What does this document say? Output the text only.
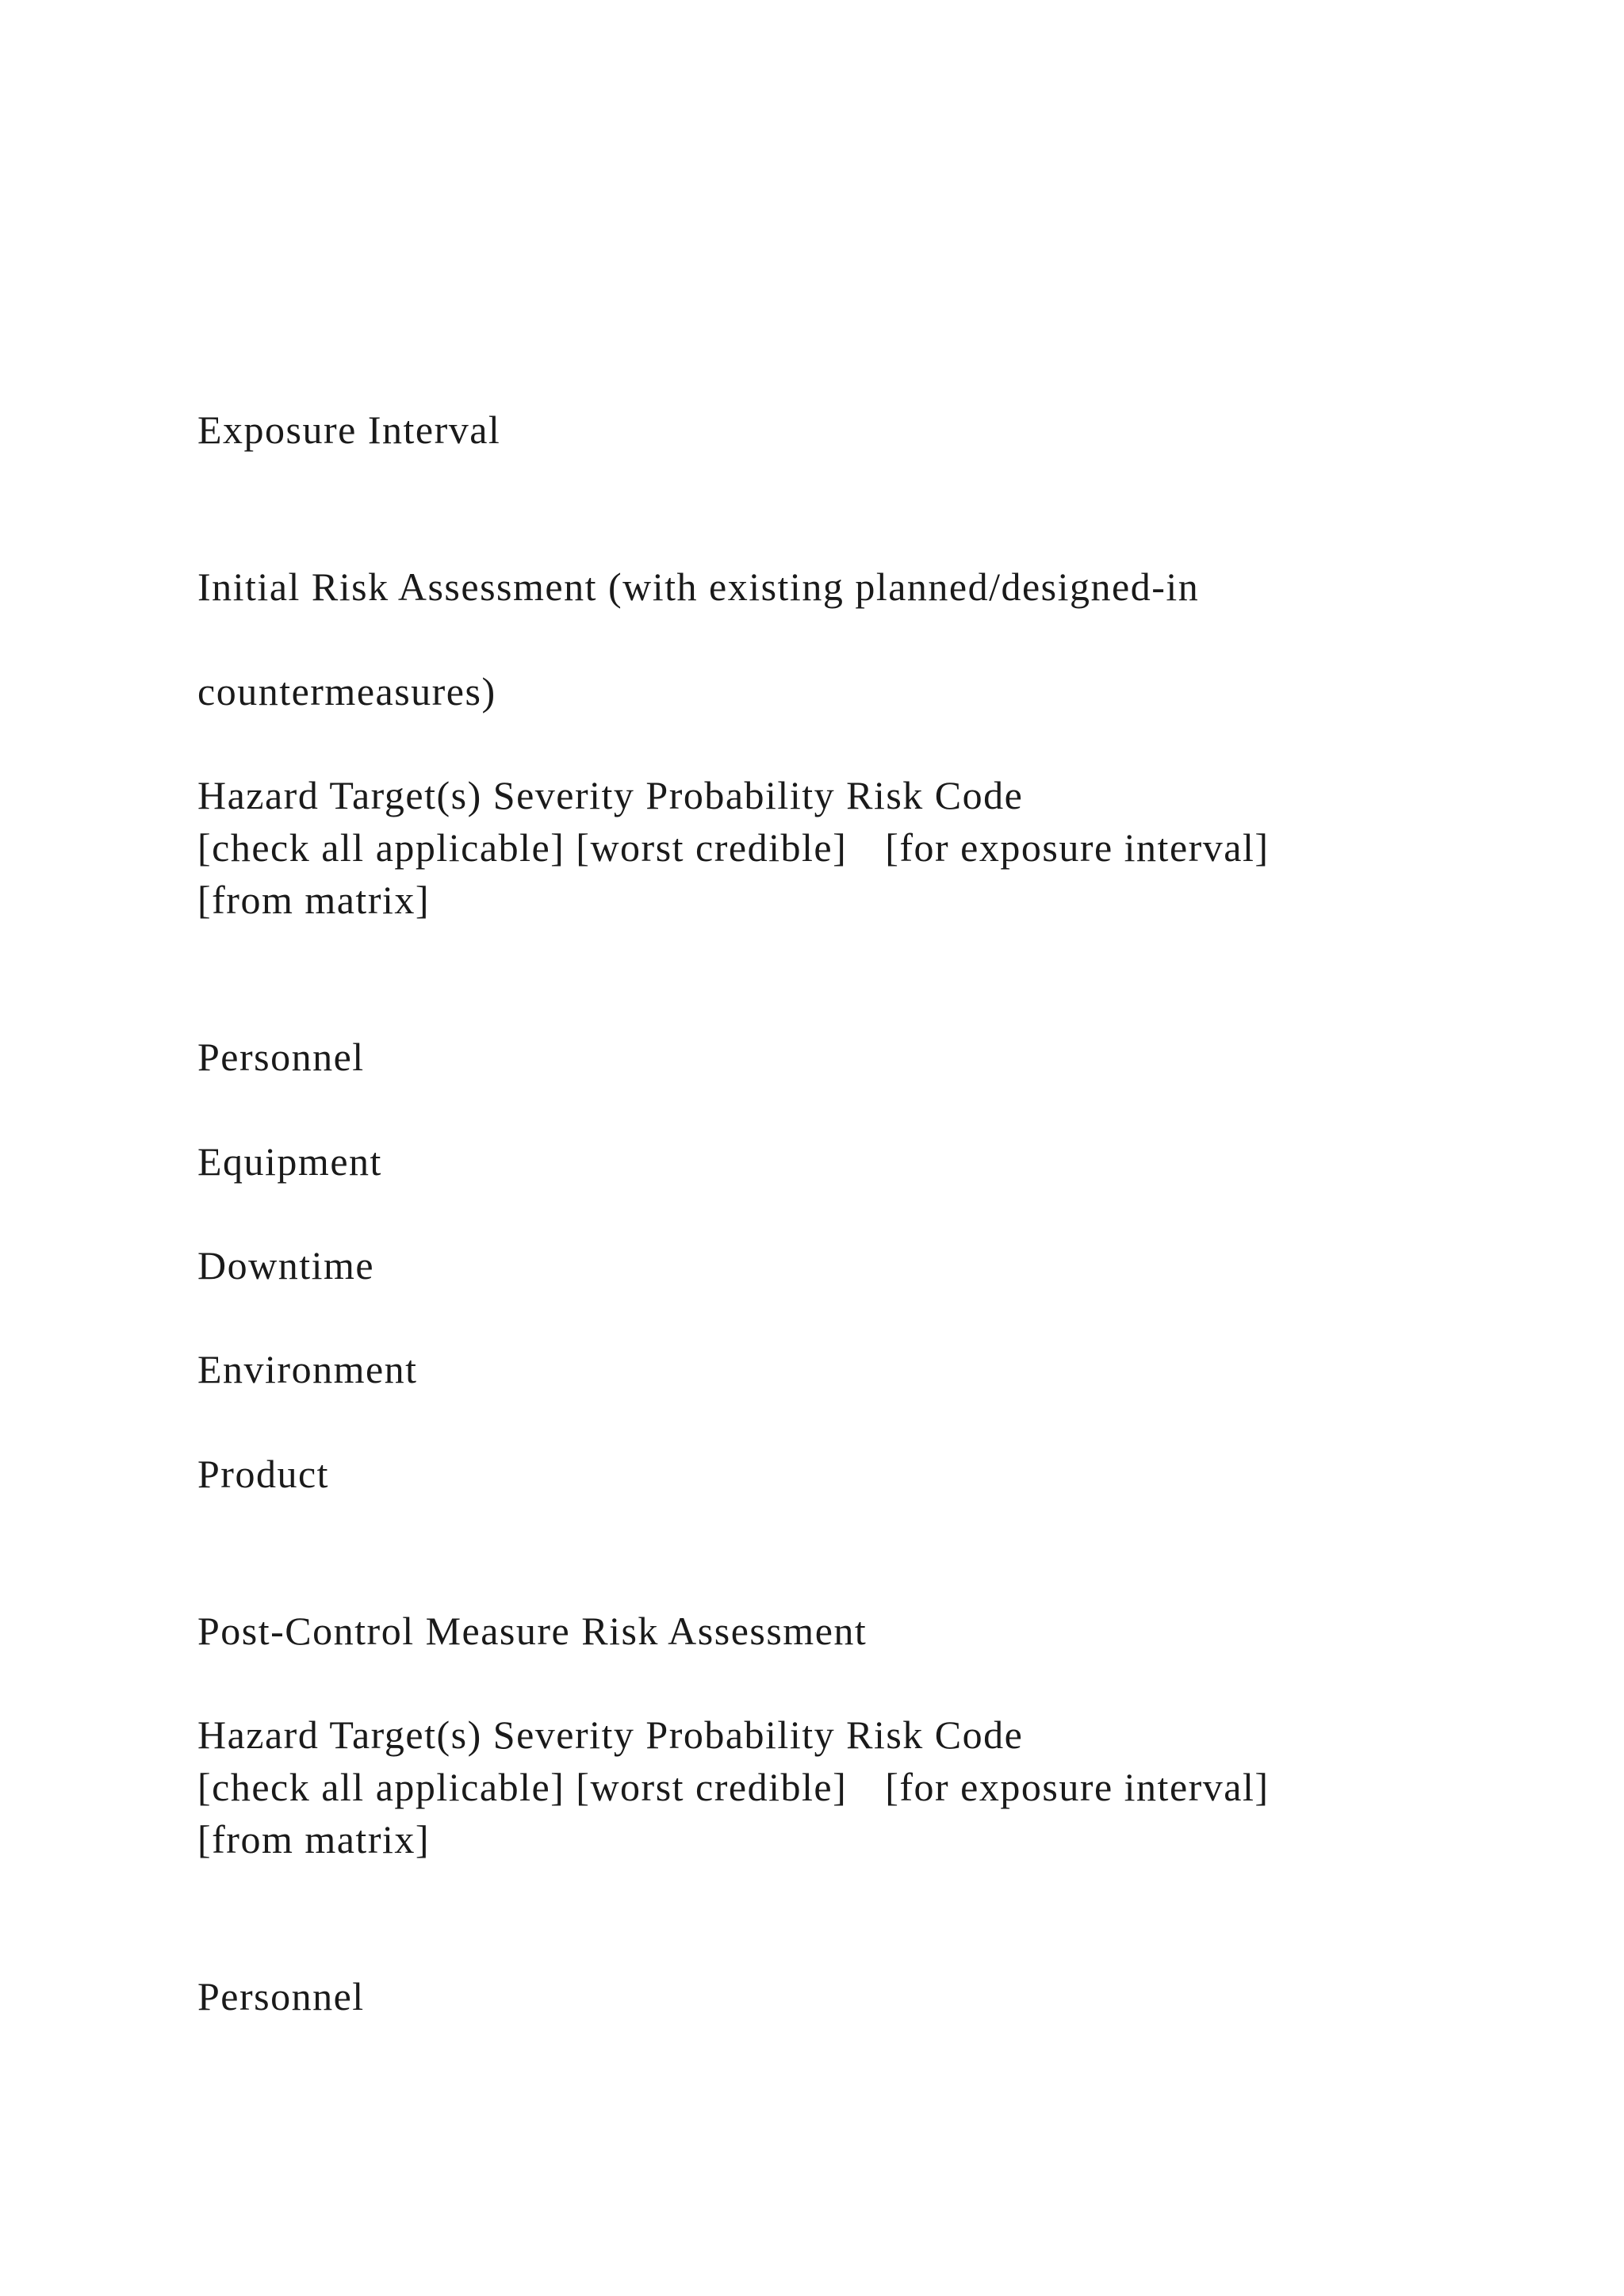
Exposure Interval
Initial Risk Assessment (with existing planned/designed-in
countermeasures)
Hazard Target(s) Severity Probability Risk Code
[check all applicable] [worst credible] [for exposure interval]
[from matrix]
Personnel
Equipment
Downtime
Environment
Product
Post-Control Measure Risk Assessment
Hazard Target(s) Severity Probability Risk Code
[check all applicable] [worst credible] [for exposure interval]
[from matrix]
Personnel
